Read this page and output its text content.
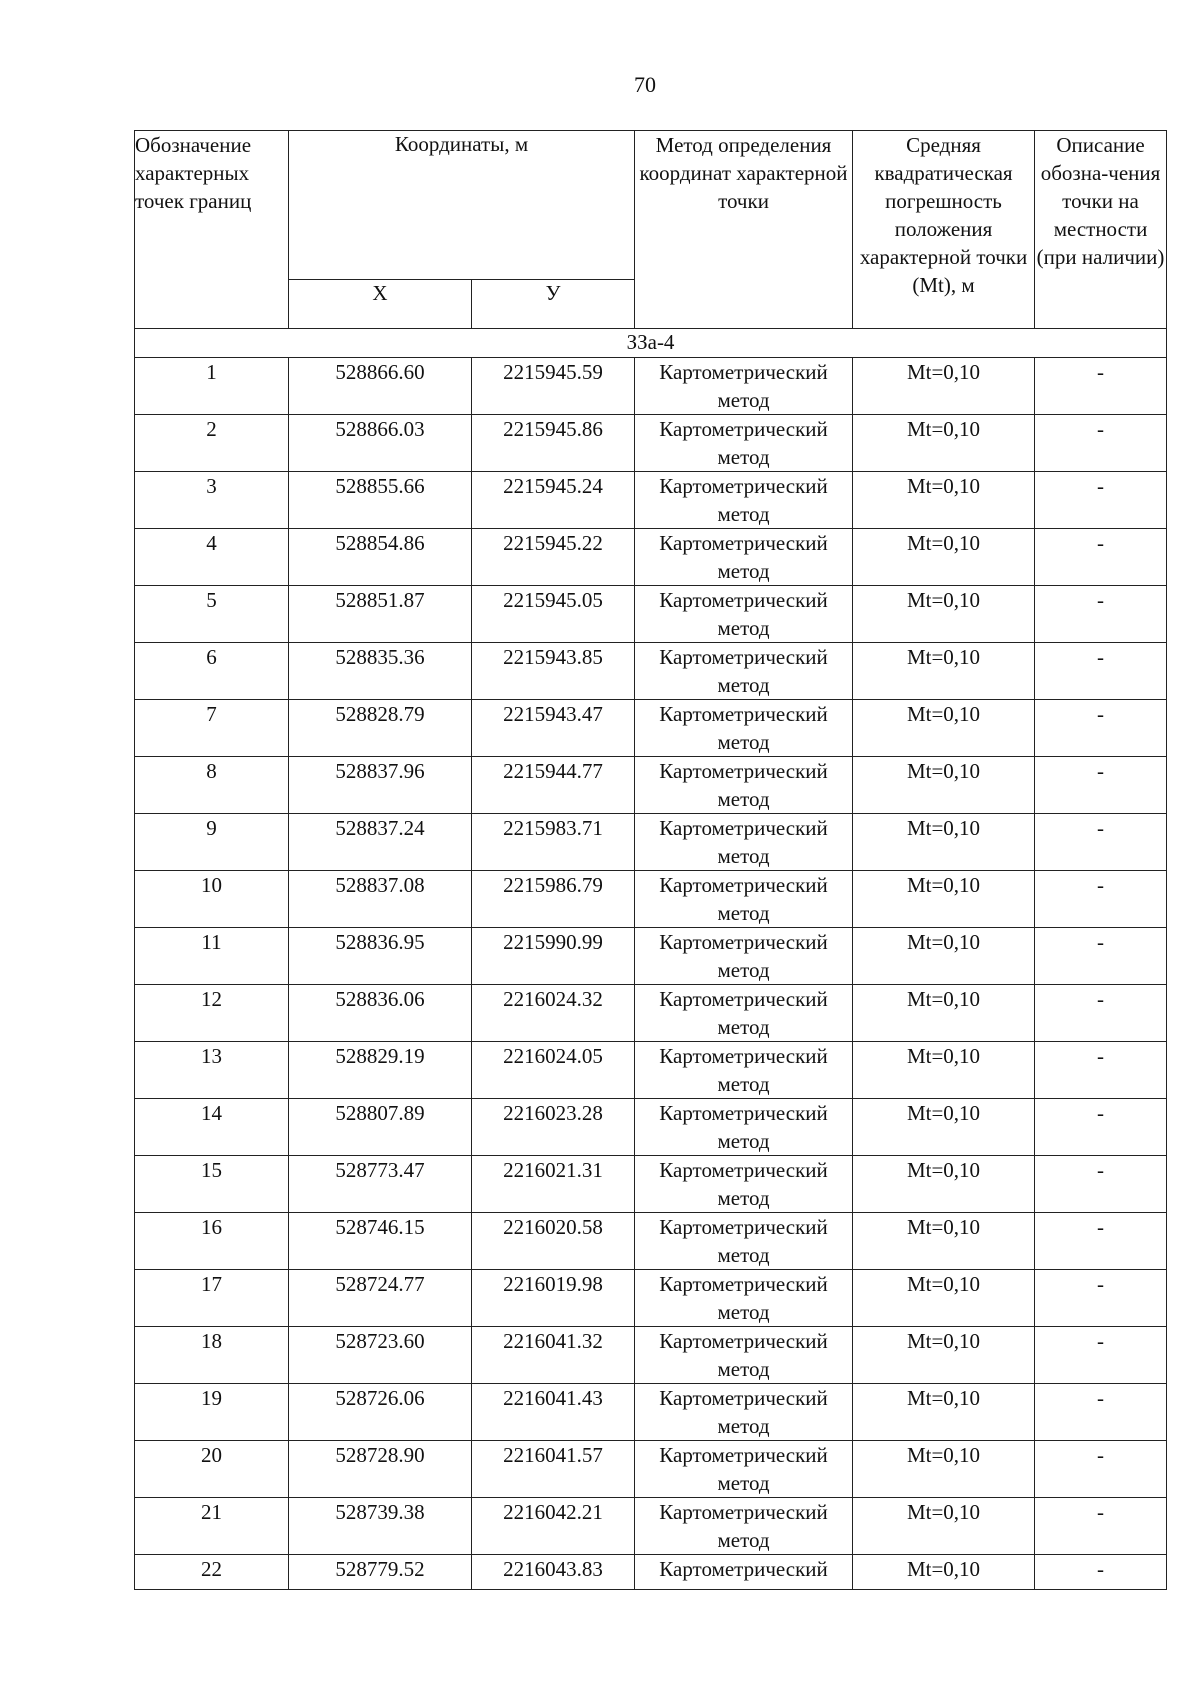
70
Обозначение характерных точек границ	Координаты, м		Метод определения координат характерной точки	Средняя квадратическая погрешность положения характерной точки (Mt), м	Описание обозна-чения точки на местности (при наличии)
	Х	У			
ЗЗа-4					
1	528866.60	2215945.59	Картометрический метод	Mt=0,10	-
2	528866.03	2215945.86	Картометрический метод	Mt=0,10	-
3	528855.66	2215945.24	Картометрический метод	Mt=0,10	-
4	528854.86	2215945.22	Картометрический метод	Mt=0,10	-
5	528851.87	2215945.05	Картометрический метод	Mt=0,10	-
6	528835.36	2215943.85	Картометрический метод	Mt=0,10	-
7	528828.79	2215943.47	Картометрический метод	Mt=0,10	-
8	528837.96	2215944.77	Картометрический метод	Mt=0,10	-
9	528837.24	2215983.71	Картометрический метод	Mt=0,10	-
10	528837.08	2215986.79	Картометрический метод	Mt=0,10	-
11	528836.95	2215990.99	Картометрический метод	Mt=0,10	-
12	528836.06	2216024.32	Картометрический метод	Mt=0,10	-
13	528829.19	2216024.05	Картометрический метод	Mt=0,10	-
14	528807.89	2216023.28	Картометрический метод	Mt=0,10	-
15	528773.47	2216021.31	Картометрический метод	Mt=0,10	-
16	528746.15	2216020.58	Картометрический метод	Mt=0,10	-
17	528724.77	2216019.98	Картометрический метод	Mt=0,10	-
18	528723.60	2216041.32	Картометрический метод	Mt=0,10	-
19	528726.06	2216041.43	Картометрический метод	Mt=0,10	-
20	528728.90	2216041.57	Картометрический метод	Mt=0,10	-
21	528739.38	2216042.21	Картометрический метод	Mt=0,10	-
22	528779.52	2216043.83	Картометрический	Mt=0,10	-
